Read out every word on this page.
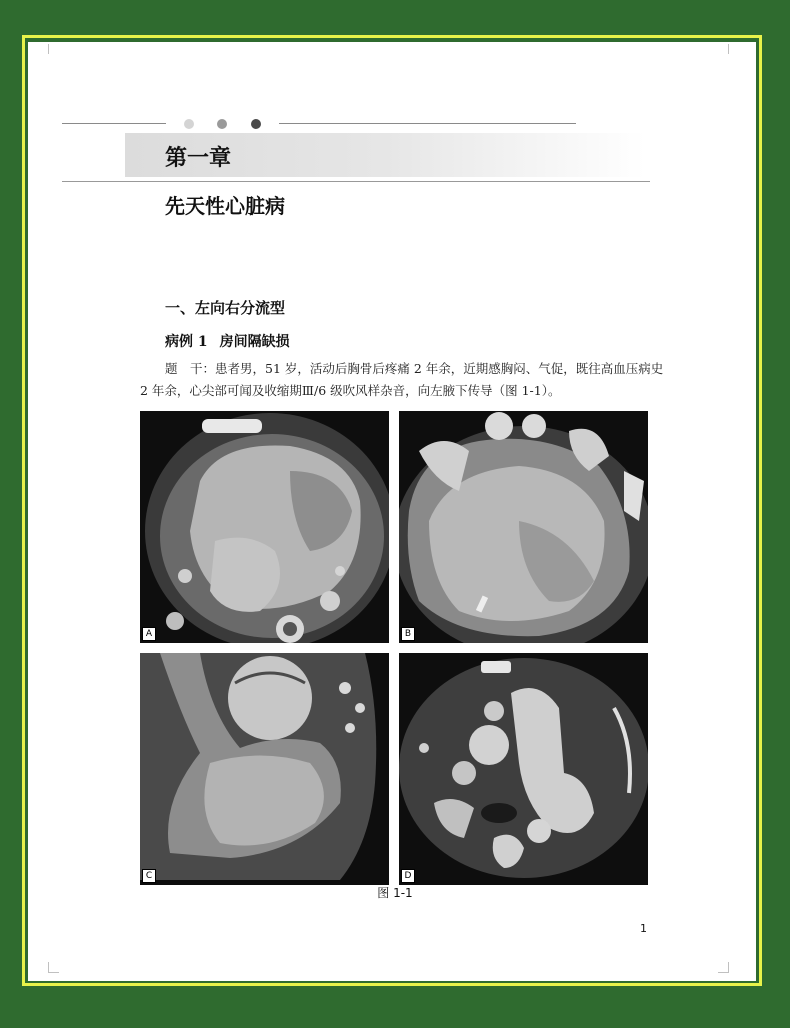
第一章
先天性心脏病
一、左向右分流型
病例 1 房间隔缺损
题　干：患者男，51 岁，活动后胸骨后疼痛 2 年余，近期感胸闷、气促，既往高血压病史
2 年余，心尖部可闻及收缩期Ⅲ/6 级吹风样杂音，向左腋下传导（图 1-1）。
A	B
C	D
图 1-1
1
